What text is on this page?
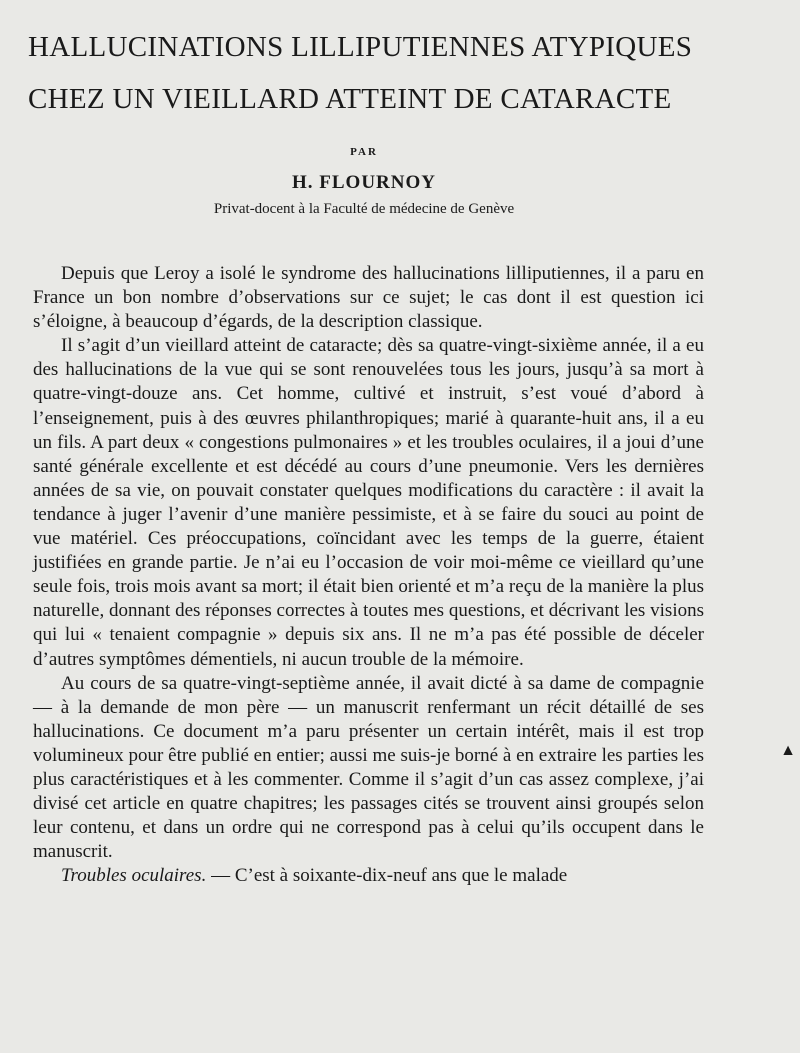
HALLUCINATIONS LILLIPUTIENNES ATYPIQUES
CHEZ UN VIEILLARD ATTEINT DE CATARACTE

PAR

H. FLOURNOY

Privat-docent à la Faculté de médecine de Genève

Depuis que Leroy a isolé le syndrome des hallucinations lilliputiennes, il a paru en France un bon nombre d’observations sur ce sujet; le cas dont il est question ici s’éloigne, à beaucoup d’égards, de la description classique.

Il s’agit d’un vieillard atteint de cataracte; dès sa quatre-vingt-sixième année, il a eu des hallucinations de la vue qui se sont renouvelées tous les jours, jusqu’à sa mort à quatre-vingt-douze ans. Cet homme, cultivé et instruit, s’est voué d’abord à l’enseignement, puis à des œuvres philanthropiques; marié à quarante-huit ans, il a eu un fils. A part deux « congestions pulmonaires » et les troubles oculaires, il a joui d’une santé générale excellente et est décédé au cours d’une pneumonie. Vers les dernières années de sa vie, on pouvait constater quelques modifications du caractère : il avait la tendance à juger l’avenir d’une manière pessimiste, et à se faire du souci au point de vue matériel. Ces préoccupations, coïncidant avec les temps de la guerre, étaient justifiées en grande partie. Je n’ai eu l’occasion de voir moi-même ce vieillard qu’une seule fois, trois mois avant sa mort; il était bien orienté et m’a reçu de la manière la plus naturelle, donnant des réponses correctes à toutes mes questions, et décrivant les visions qui lui « tenaient compagnie » depuis six ans. Il ne m’a pas été possible de déceler d’autres symptômes démentiels, ni aucun trouble de la mémoire.

Au cours de sa quatre-vingt-septième année, il avait dicté à sa dame de compagnie — à la demande de mon père — un manuscrit renfermant un récit détaillé de ses hallucinations. Ce document m’a paru présenter un certain intérêt, mais il est trop volumineux pour être publié en entier; aussi me suis-je borné à en extraire les parties les plus caractéristiques et à les commenter. Comme il s’agit d’un cas assez complexe, j’ai divisé cet article en quatre chapitres; les passages cités se trouvent ainsi groupés selon leur contenu, et dans un ordre qui ne correspond pas à celui qu’ils occupent dans le manuscrit.

Troubles oculaires. — C’est à soixante-dix-neuf ans que le malade

▲
